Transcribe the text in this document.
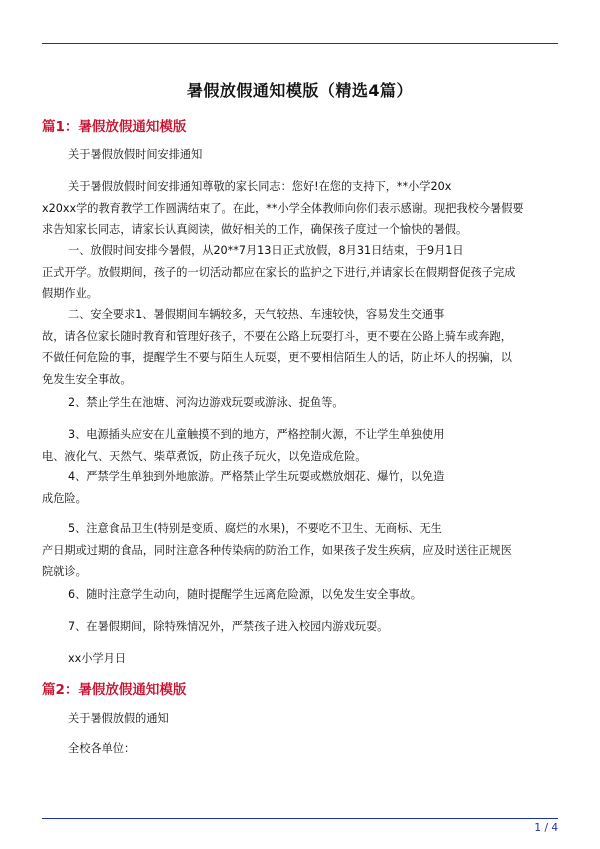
暑假放假通知模版（精选4篇）
篇1：暑假放假通知模版
关于暑假放假时间安排通知
关于暑假放假时间安排通知尊敬的家长同志：您好!在您的支持下，**小学20x
x20xx学的教育教学工作圆满结束了。在此，**小学全体教师向你们表示感谢。现把我校今暑假要
求告知家长同志，请家长认真阅读，做好相关的工作，确保孩子度过一个愉快的暑假。
一、放假时间安排今暑假，从20**7月13日正式放假，8月31日结束，于9月1日
正式开学。放假期间，孩子的一切活动都应在家长的监护之下进行,并请家长在假期督促孩子完成
假期作业。
二、安全要求1、暑假期间车辆较多，天气较热、车速较快，容易发生交通事
故，请各位家长随时教育和管理好孩子，不要在公路上玩耍打斗，更不要在公路上骑车或奔跑，
不做任何危险的事，提醒学生不要与陌生人玩耍，更不要相信陌生人的话，防止坏人的拐骗，以
免发生安全事故。
2、禁止学生在池塘、河沟边游戏玩耍或游泳、捉鱼等。
3、电源插头应安在儿童触摸不到的地方，严格控制火源，不让学生单独使用
电、液化气、天然气、柴草煮饭，防止孩子玩火，以免造成危险。
4、严禁学生单独到外地旅游。严格禁止学生玩耍或燃放烟花、爆竹，以免造
成危险。
5、注意食品卫生(特别是变质、腐烂的水果)，不要吃不卫生、无商标、无生
产日期或过期的食品，同时注意各种传染病的防治工作，如果孩子发生疾病，应及时送往正规医
院就诊。
6、随时注意学生动向，随时提醒学生远离危险源，以免发生安全事故。
7、在暑假期间，除特殊情况外，严禁孩子进入校园内游戏玩耍。
xx小学月日
篇2：暑假放假通知模版
关于暑假放假的通知
全校各单位：
1 / 4
